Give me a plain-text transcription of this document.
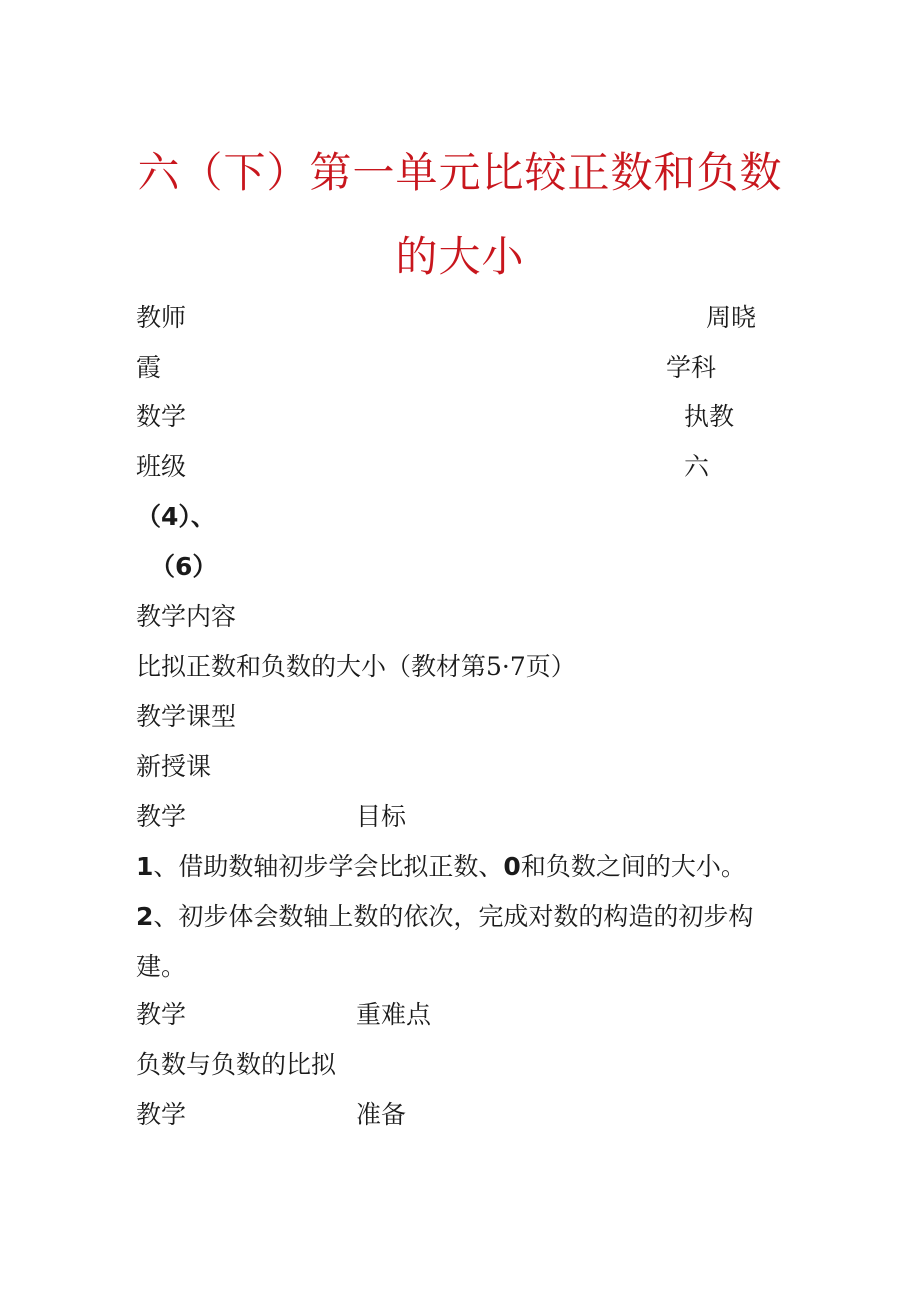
六（下）第一单元比较正数和负数
的大小
教师	周晓
霞	学科
数学	执教
班级	六
（4）、
（6）
教学内容
比拟正数和负数的大小（教材第5·7页）
教学课型
新授课
教学	目标
1、借助数轴初步学会比拟正数、0和负数之间的大小。
2、初步体会数轴上数的依次，完成对数的构造的初步构
建。
教学	重难点
负数与负数的比拟
教学	准备
